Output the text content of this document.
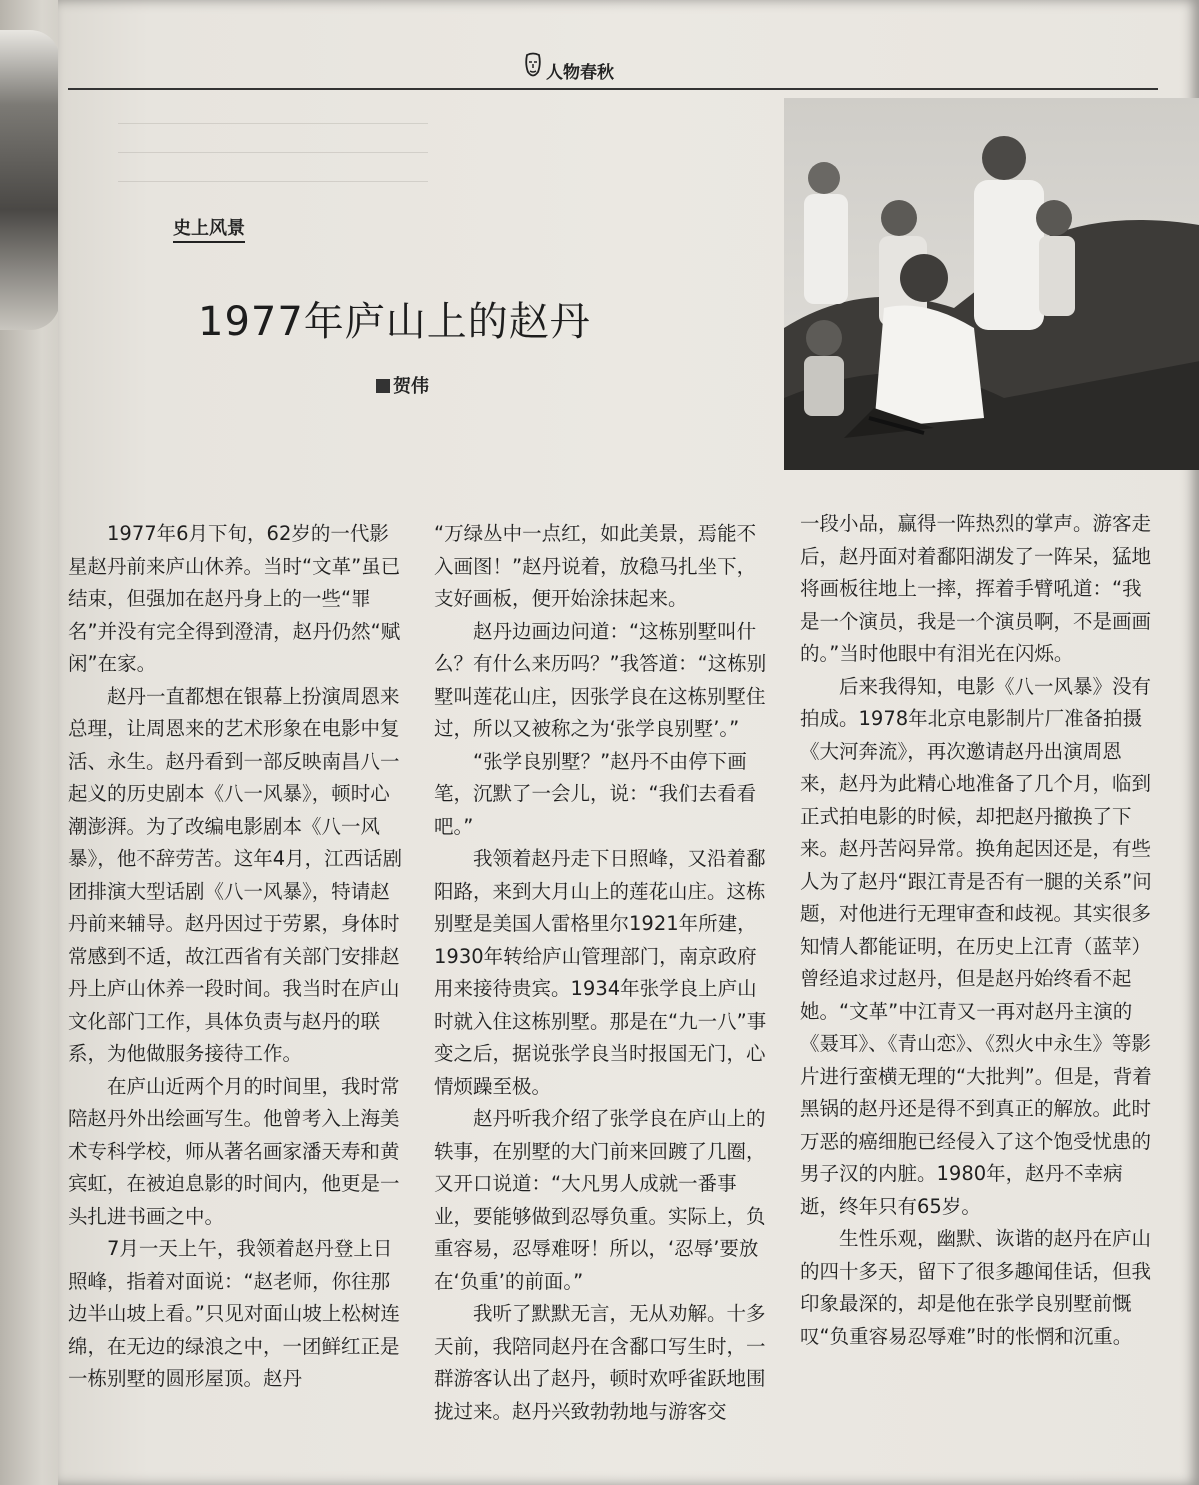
人物春秋
史上风景
1977年庐山上的赵丹
贺伟

1977年6月下旬，62岁的一代影星赵丹前来庐山休养。当时“文革”虽已结束，但强加在赵丹身上的一些“罪名”并没有完全得到澄清，赵丹仍然“赋闲”在家。

赵丹一直都想在银幕上扮演周恩来总理，让周恩来的艺术形象在电影中复活、永生。赵丹看到一部反映南昌八一起义的历史剧本《八一风暴》，顿时心潮澎湃。为了改编电影剧本《八一风暴》，他不辞劳苦。这年4月，江西话剧团排演大型话剧《八一风暴》，特请赵丹前来辅导。赵丹因过于劳累，身体时常感到不适，故江西省有关部门安排赵丹上庐山休养一段时间。我当时在庐山文化部门工作，具体负责与赵丹的联系，为他做服务接待工作。

在庐山近两个月的时间里，我时常陪赵丹外出绘画写生。他曾考入上海美术专科学校，师从著名画家潘天寿和黄宾虹，在被迫息影的时间内，他更是一头扎进书画之中。

7月一天上午，我领着赵丹登上日照峰，指着对面说：“赵老师，你往那边半山坡上看。”只见对面山坡上松树连绵，在无边的绿浪之中，一团鲜红正是一栋别墅的圆形屋顶。赵丹

“万绿丛中一点红，如此美景，焉能不入画图！”赵丹说着，放稳马扎坐下，支好画板，便开始涂抹起来。

赵丹边画边问道：“这栋别墅叫什么？有什么来历吗？”我答道：“这栋别墅叫莲花山庄，因张学良在这栋别墅住过，所以又被称之为‘张学良别墅’。”

“张学良别墅？”赵丹不由停下画笔，沉默了一会儿，说：“我们去看看吧。”

我领着赵丹走下日照峰，又沿着鄱阳路，来到大月山上的莲花山庄。这栋别墅是美国人雷格里尔1921年所建，1930年转给庐山管理部门，南京政府用来接待贵宾。1934年张学良上庐山时就入住这栋别墅。那是在“九一八”事变之后，据说张学良当时报国无门，心情烦躁至极。

赵丹听我介绍了张学良在庐山上的轶事，在别墅的大门前来回踱了几圈，又开口说道：“大凡男人成就一番事业，要能够做到忍辱负重。实际上，负重容易，忍辱难呀！所以，‘忍辱’要放在‘负重’的前面。”

我听了默默无言，无从劝解。十多天前，我陪同赵丹在含鄱口写生时，一群游客认出了赵丹，顿时欢呼雀跃地围拢过来。赵丹兴致勃勃地与游客交

一段小品，赢得一阵热烈的掌声。游客走后，赵丹面对着鄱阳湖发了一阵呆，猛地将画板往地上一摔，挥着手臂吼道：“我是一个演员，我是一个演员啊，不是画画的。”当时他眼中有泪光在闪烁。

后来我得知，电影《八一风暴》没有拍成。1978年北京电影制片厂准备拍摄《大河奔流》，再次邀请赵丹出演周恩来，赵丹为此精心地准备了几个月，临到正式拍电影的时候，却把赵丹撤换了下来。赵丹苦闷异常。换角起因还是，有些人为了赵丹“跟江青是否有一腿的关系”问题，对他进行无理审查和歧视。其实很多知情人都能证明，在历史上江青（蓝苹）曾经追求过赵丹，但是赵丹始终看不起她。“文革”中江青又一再对赵丹主演的《聂耳》、《青山恋》、《烈火中永生》等影片进行蛮横无理的“大批判”。但是，背着黑锅的赵丹还是得不到真正的解放。此时万恶的癌细胞已经侵入了这个饱受忧患的男子汉的内脏。1980年，赵丹不幸病逝，终年只有65岁。

生性乐观，幽默、诙谐的赵丹在庐山的四十多天，留下了很多趣闻佳话，但我印象最深的，却是他在张学良别墅前慨叹“负重容易忍辱难”时的怅惘和沉重。
